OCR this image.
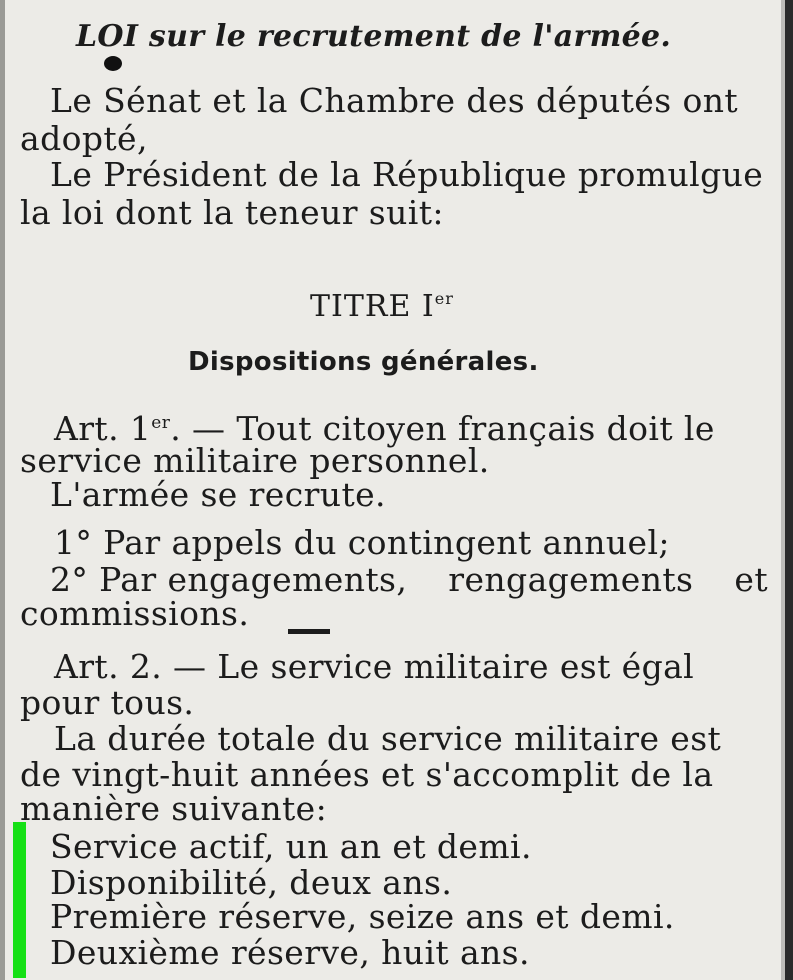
LOI sur le recrutement de l'armée.
Le Sénat et la Chambre des députés ont
adopté,
Le Président de la République promulgue
la loi dont la teneur suit:
TITRE Ier
Dispositions générales.
Art. 1er. — Tout citoyen français doit le
service militaire personnel.
L'armée se recrute.
1° Par appels du contingent annuel;
2° Par engagements, rengagements et
commissions.
Art. 2. — Le service militaire est égal
pour tous.
La durée totale du service militaire est
de vingt-huit années et s'accomplit de la
manière suivante:
Service actif, un an et demi.
Disponibilité, deux ans.
Première réserve, seize ans et demi.
Deuxième réserve, huit ans.
